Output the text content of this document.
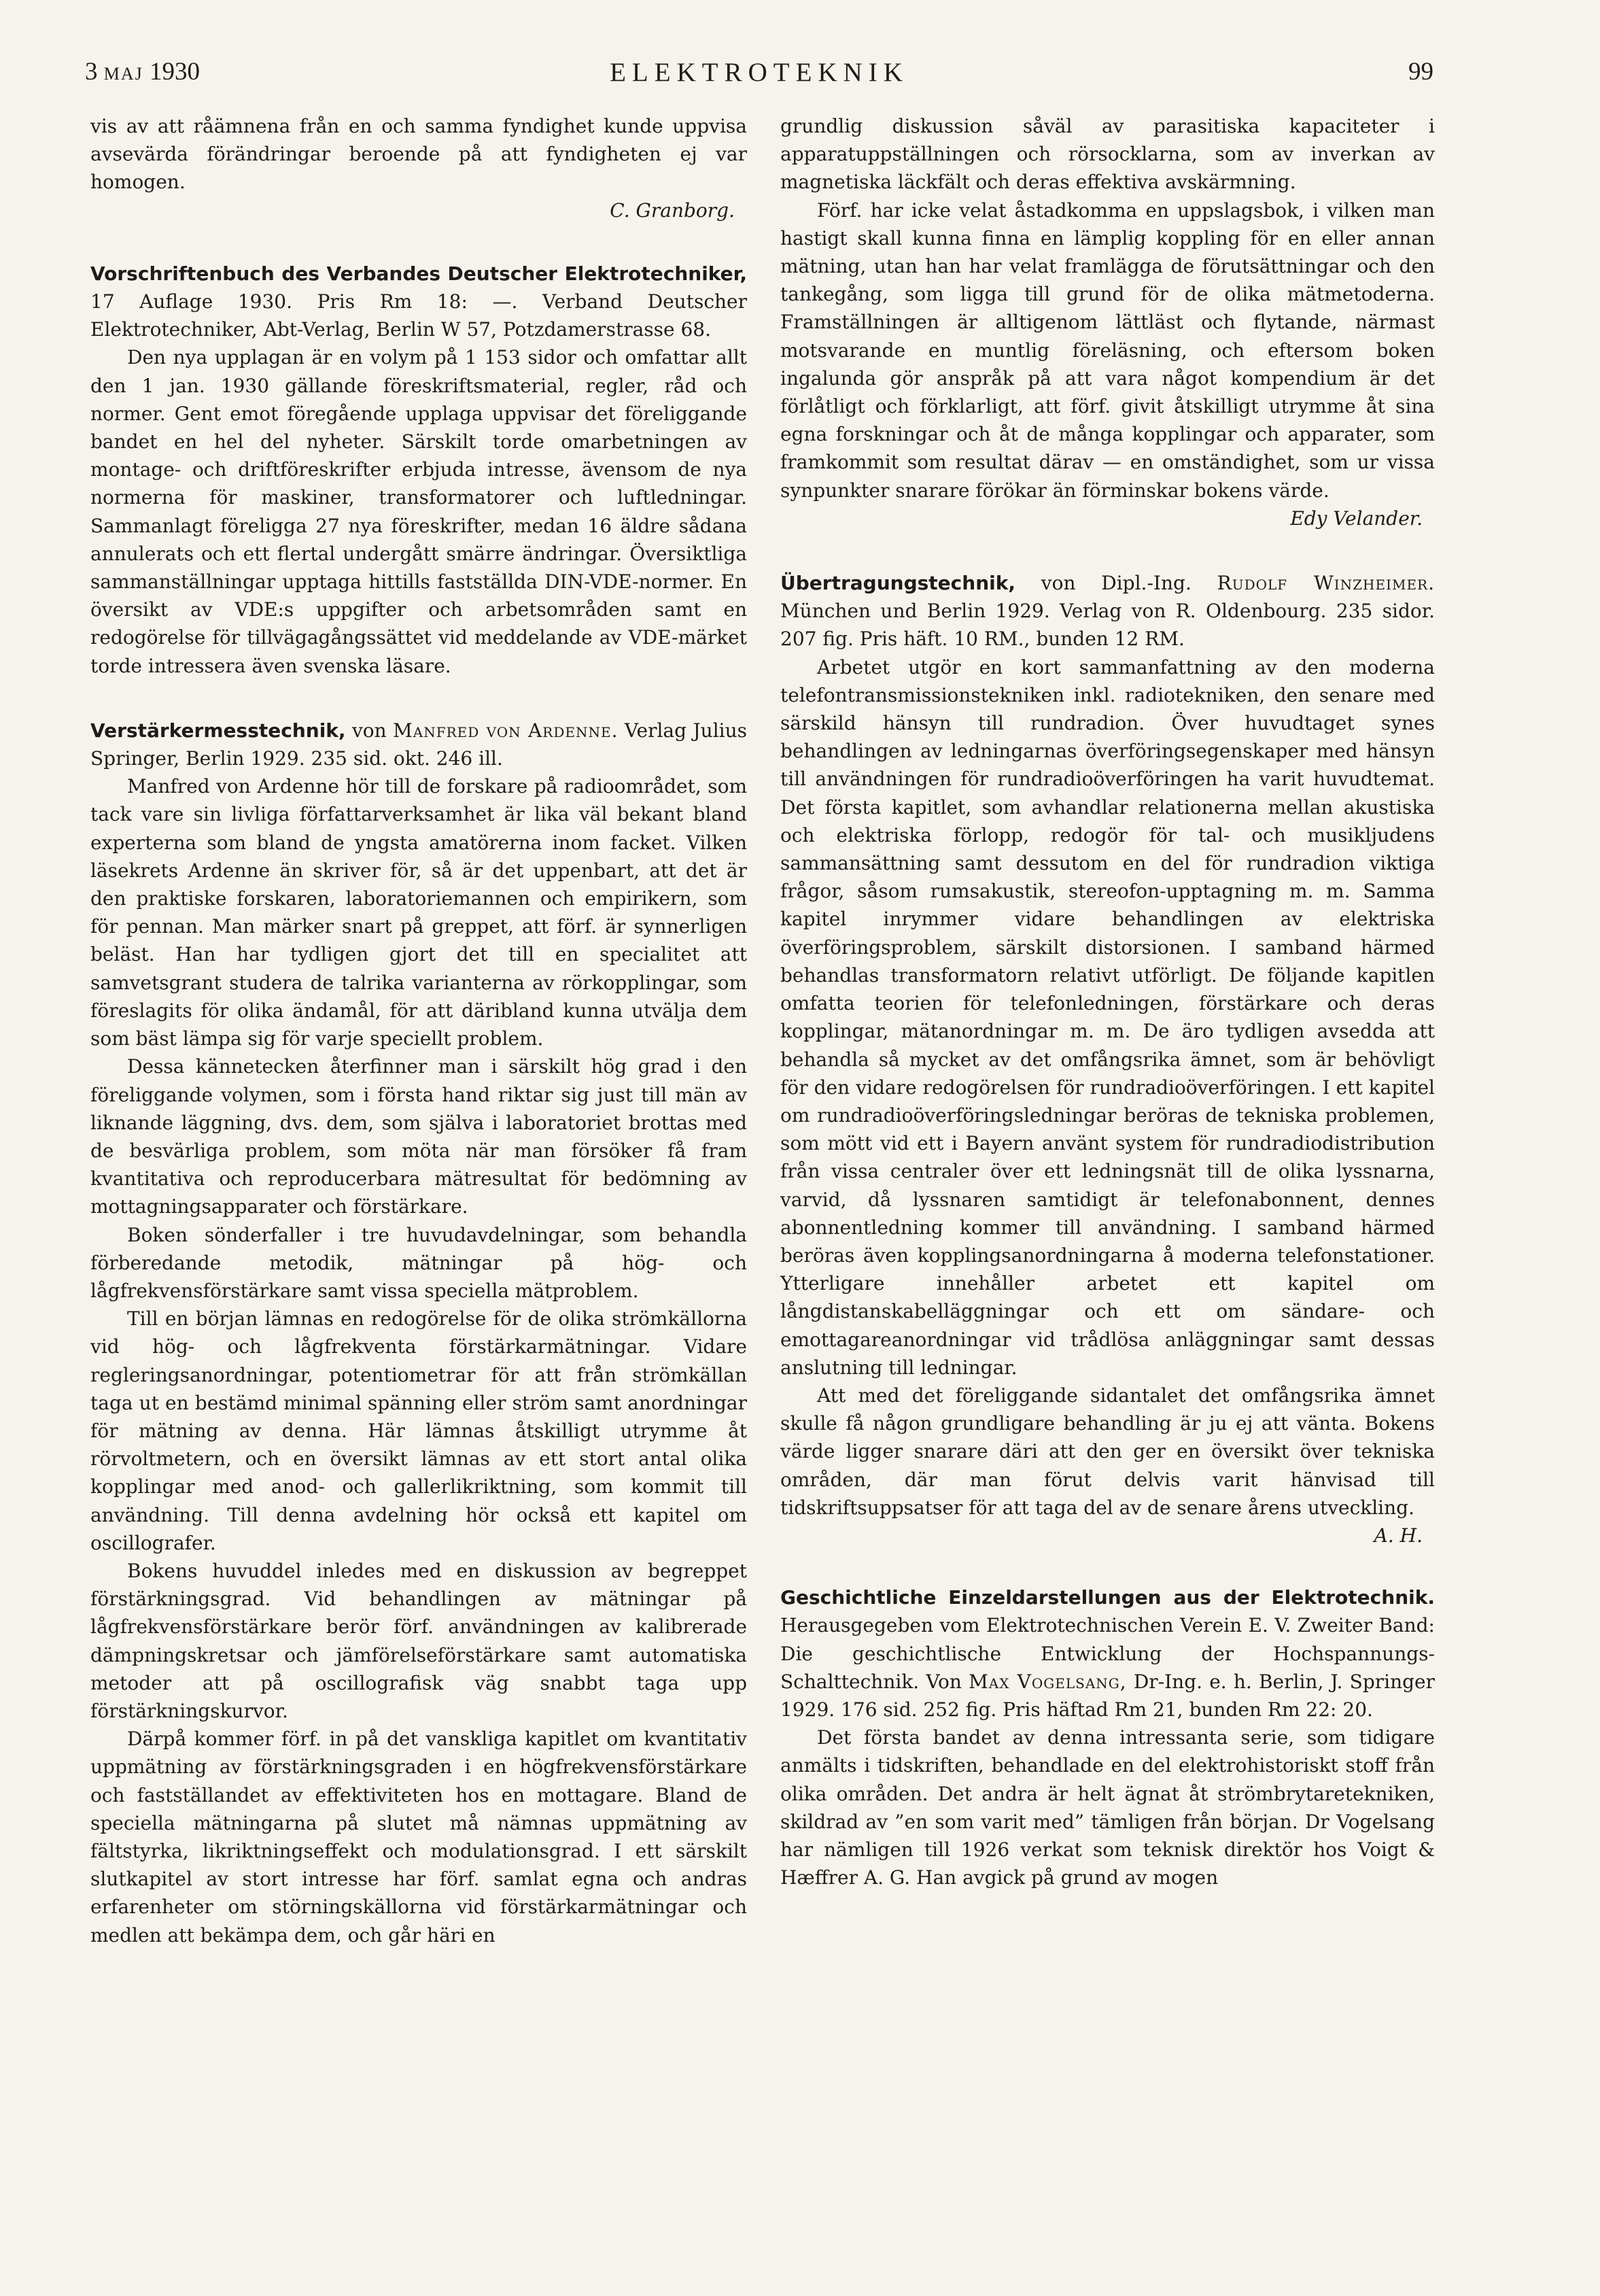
3 MAJ 1930	ELEKTROTEKNIK	99

vis av att råämnena från en och samma fyndighet kunde uppvisa avsevärda förändringar beroende på att fyndigheten ej var homogen.

C. Granborg.

Vorschriftenbuch des Verbandes Deutscher Elektrotechniker, 17 Auflage 1930. Pris Rm 18: —. Verband Deutscher Elektrotechniker, Abt-Verlag, Berlin W 57, Potzdamerstrasse 68.

Den nya upplagan är en volym på 1 153 sidor och omfattar allt den 1 jan. 1930 gällande föreskriftsmaterial, regler, råd och normer. Gent emot föregående upplaga uppvisar det föreliggande bandet en hel del nyheter. Särskilt torde omarbetningen av montage- och driftföreskrifter erbjuda intresse, ävensom de nya normerna för maskiner, transformatorer och luftledningar. Sammanlagt föreligga 27 nya föreskrifter, medan 16 äldre sådana annulerats och ett flertal undergått smärre ändringar. Översiktliga sammanställningar upptaga hittills fastställda DIN-VDE-normer. En översikt av VDE:s uppgifter och arbetsområden samt en redogörelse för tillvägagångssättet vid meddelande av VDE-märket torde intressera även svenska läsare.

Verstärkermesstechnik, von Manfred von Ardenne. Verlag Julius Springer, Berlin 1929. 235 sid. okt. 246 ill.

Manfred von Ardenne hör till de forskare på radioområdet, som tack vare sin livliga författarverksamhet är lika väl bekant bland experterna som bland de yngsta amatörerna inom facket. Vilken läsekrets Ardenne än skriver för, så är det uppenbart, att det är den praktiske forskaren, laboratoriemannen och empirikern, som för pennan. Man märker snart på greppet, att förf. är synnerligen beläst. Han har tydligen gjort det till en specialitet att samvetsgrant studera de talrika varianterna av rörkopplingar, som föreslagits för olika ändamål, för att däribland kunna utvälja dem som bäst lämpa sig för varje speciellt problem.

Dessa kännetecken återfinner man i särskilt hög grad i den föreliggande volymen, som i första hand riktar sig just till män av liknande läggning, dvs. dem, som själva i laboratoriet brottas med de besvärliga problem, som möta när man försöker få fram kvantitativa och reproducerbara mätresultat för bedömning av mottagningsapparater och förstärkare.

Boken sönderfaller i tre huvudavdelningar, som behandla förberedande metodik, mätningar på hög- och lågfrekvensförstärkare samt vissa speciella mätproblem.

Till en början lämnas en redogörelse för de olika strömkällorna vid hög- och lågfrekventa förstärkarmätningar. Vidare regleringsanordningar, potentiometrar för att från strömkällan taga ut en bestämd minimal spänning eller ström samt anordningar för mätning av denna. Här lämnas åtskilligt utrymme åt rörvoltmetern, och en översikt lämnas av ett stort antal olika kopplingar med anod- och gallerlikriktning, som kommit till användning. Till denna avdelning hör också ett kapitel om oscillografer.

Bokens huvuddel inledes med en diskussion av begreppet förstärkningsgrad. Vid behandlingen av mätningar på lågfrekvensförstärkare berör förf. användningen av kalibrerade dämpningskretsar och jämförelseförstärkare samt automatiska metoder att på oscillografisk väg snabbt taga upp förstärkningskurvor.

Därpå kommer förf. in på det vanskliga kapitlet om kvantitativ uppmätning av förstärkningsgraden i en högfrekvensförstärkare och fastställandet av effektiviteten hos en mottagare. Bland de speciella mätningarna på slutet må nämnas uppmätning av fältstyrka, likriktningseffekt och modulationsgrad. I ett särskilt slutkapitel av stort intresse har förf. samlat egna och andras erfarenheter om störningskällorna vid förstärkarmätningar och medlen att bekämpa dem, och går häri en

grundlig diskussion såväl av parasitiska kapaciteter i apparatuppställningen och rörsocklarna, som av inverkan av magnetiska läckfält och deras effektiva avskärmning.

Förf. har icke velat åstadkomma en uppslagsbok, i vilken man hastigt skall kunna finna en lämplig koppling för en eller annan mätning, utan han har velat framlägga de förutsättningar och den tankegång, som ligga till grund för de olika mätmetoderna. Framställningen är alltigenom lättläst och flytande, närmast motsvarande en muntlig föreläsning, och eftersom boken ingalunda gör anspråk på att vara något kompendium är det förlåtligt och förklarligt, att förf. givit åtskilligt utrymme åt sina egna forskningar och åt de många kopplingar och apparater, som framkommit som resultat därav — en omständighet, som ur vissa synpunkter snarare förökar än förminskar bokens värde.

Edy Velander.

Übertragungstechnik, von Dipl.-Ing. Rudolf Winzheimer. München und Berlin 1929. Verlag von R. Oldenbourg. 235 sidor. 207 fig. Pris häft. 10 RM., bunden 12 RM.

Arbetet utgör en kort sammanfattning av den moderna telefontransmissionstekniken inkl. radiotekniken, den senare med särskild hänsyn till rundradion. Över huvudtaget synes behandlingen av ledningarnas överföringsegenskaper med hänsyn till användningen för rundradioöverföringen ha varit huvudtemat. Det första kapitlet, som avhandlar relationerna mellan akustiska och elektriska förlopp, redogör för tal- och musikljudens sammansättning samt dessutom en del för rundradion viktiga frågor, såsom rumsakustik, stereofon-upptagning m. m. Samma kapitel inrymmer vidare behandlingen av elektriska överföringsproblem, särskilt distorsionen. I samband härmed behandlas transformatorn relativt utförligt. De följande kapitlen omfatta teorien för telefonledningen, förstärkare och deras kopplingar, mätanordningar m. m. De äro tydligen avsedda att behandla så mycket av det omfångsrika ämnet, som är behövligt för den vidare redogörelsen för rundradioöverföringen. I ett kapitel om rundradioöverföringsledningar beröras de tekniska problemen, som mött vid ett i Bayern använt system för rundradiodistribution från vissa centraler över ett ledningsnät till de olika lyssnarna, varvid, då lyssnaren samtidigt är telefonabonnent, dennes abonnentledning kommer till användning. I samband härmed beröras även kopplingsanordningarna å moderna telefonstationer. Ytterligare innehåller arbetet ett kapitel om långdistanskabelläggningar och ett om sändare- och emottagareanordningar vid trådlösa anläggningar samt dessas anslutning till ledningar.

Att med det föreliggande sidantalet det omfångsrika ämnet skulle få någon grundligare behandling är ju ej att vänta. Bokens värde ligger snarare däri att den ger en översikt över tekniska områden, där man förut delvis varit hänvisad till tidskriftsuppsatser för att taga del av de senare årens utveckling.

A. H.

Geschichtliche Einzeldarstellungen aus der Elektrotechnik. Herausgegeben vom Elektrotechnischen Verein E. V. Zweiter Band: Die geschichtlische Entwicklung der Hochspannungs-Schalttechnik. Von Max Vogelsang, Dr-Ing. e. h. Berlin, J. Springer 1929. 176 sid. 252 fig. Pris häftad Rm 21, bunden Rm 22: 20.

Det första bandet av denna intressanta serie, som tidigare anmälts i tidskriften, behandlade en del elektrohistoriskt stoff från olika områden. Det andra är helt ägnat åt strömbrytaretekniken, skildrad av ”en som varit med” tämligen från början. Dr Vogelsang har nämligen till 1926 verkat som teknisk direktör hos Voigt & Hæffrer A. G. Han avgick på grund av mogen
